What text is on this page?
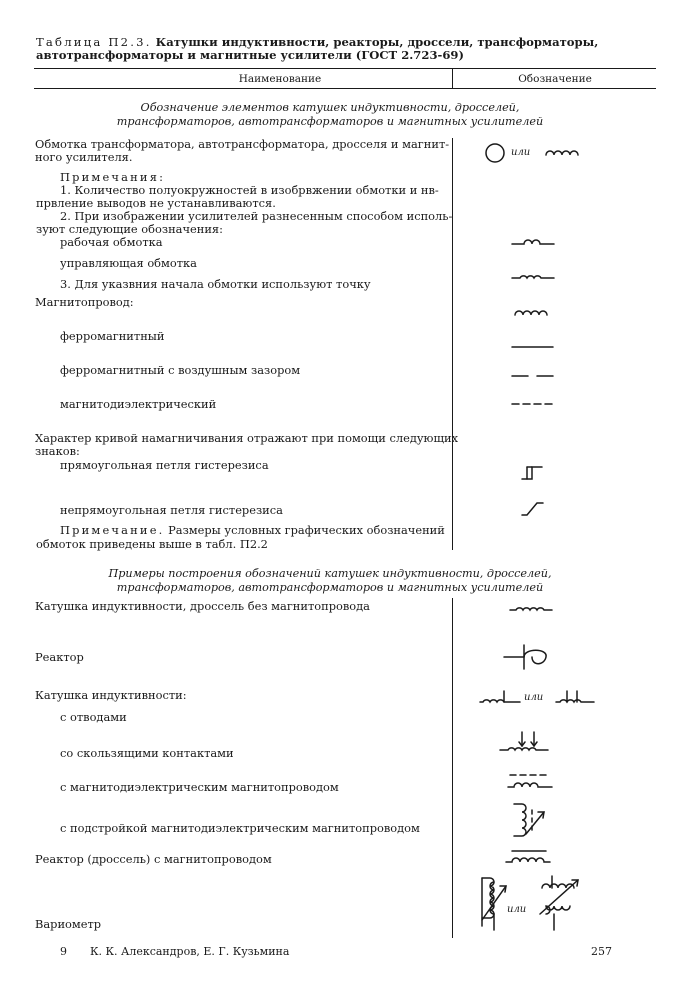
Таблица П2.3. Катушки индуктивности, реакторы, дроссели, трансформаторы,
автотрансформаторы и магнитные усилители (ГОСТ 2.723-69)
Наименование	Обозначение
Обозначение элементов катушек индуктивности, дросселей,
трансформаторов, автотрансформаторов и магнитных усилителей
Обмотка трансформатора, автотрансформатора, дросселя и магнит-
ного усилителя.
Примечания:
1. Количество полуокружностей в изобрвжении обмотки и нв-
првление выводов не устанавливаются.
2. При изображении усилителей разнесенным способом исполь-
зуют следующие обозначения:
рабочая обмотка
управляющая обмотка
3. Для указвния начала обмотки используют точку
Магнитопровод:
ферромагнитный
ферромагнитный с воздушным зазором
магнитодиэлектрический
Характер кривой намагничивания отражают при помощи следующих
знаков:
прямоугольная петля гистерезиса
непрямоугольная петля гистерезиса
Примечание. Размеры условных графических обозначений
обмоток приведены выше в табл. П2.2
или
Примеры построения обозначений катушек индуктивности, дросселей,
трансформаторов, автотрансформаторов и магнитных усилителей
Катушка индуктивности, дроссель без магнитопровода
Реактор
Катушка индуктивности:
с отводами
со скользящими контактами
с магнитодиэлектрическим магнитопроводом
с подстройкой магнитодиэлектрическим магнитопроводом
Реактор (дроссель) с магнитопроводом
Вариометр
или
или
9 К. К. Александров, Е. Г. Кузьмина	257
